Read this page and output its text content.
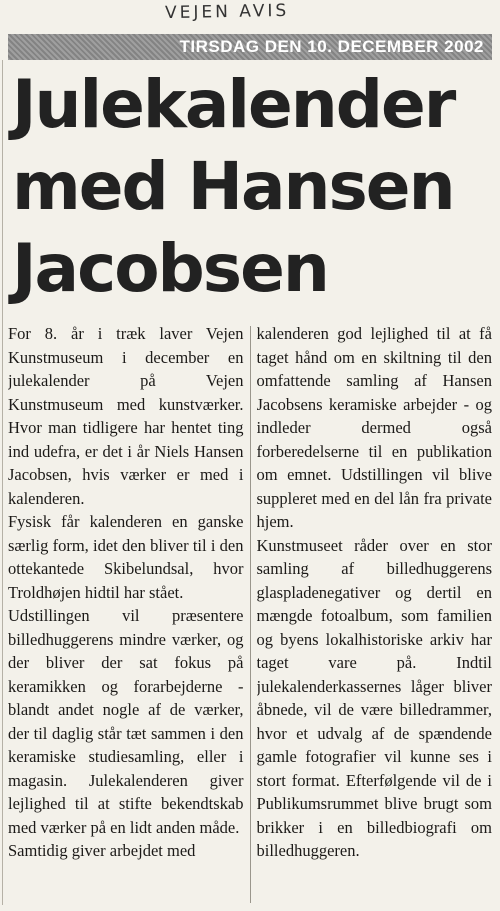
VEJEN AVIS
TIRSDAG DEN 10. DECEMBER 2002
Julekalender med Hansen Jacobsen

For 8. år i træk laver Vejen Kunstmuseum i december en julekalender på Vejen Kunstmuseum med kunstværker. Hvor man tidligere har hentet ting ind udefra, er det i år Niels Hansen Jacobsen, hvis værker er med i kalenderen.

Fysisk får kalenderen en ganske særlig form, idet den bliver til i den ottekantede Skibelundsal, hvor Troldhøjen hidtil har stået.

Udstillingen vil præsentere billedhuggerens mindre værker, og der bliver der sat fokus på keramikken og forarbejderne - blandt andet nogle af de værker, der til daglig står tæt sammen i den keramiske studiesamling, eller i magasin. Julekalenderen giver lejlighed til at stifte bekendtskab med værker på en lidt anden måde.

Samtidig giver arbejdet med

kalenderen god lejlighed til at få taget hånd om en skiltning til den omfattende samling af Hansen Jacobsens keramiske arbejder - og indleder dermed også forberedelserne til en publikation om emnet. Udstillingen vil blive suppleret med en del lån fra private hjem.

Kunstmuseet råder over en stor samling af billedhuggerens glaspladenegativer og dertil en mængde fotoalbum, som familien og byens lokalhistoriske arkiv har taget vare på. Indtil julekalenderkassernes låger bliver åbnede, vil de være billedrammer, hvor et udvalg af de spændende gamle fotografier vil kunne ses i stort format. Efterfølgende vil de i Publikumsrummet blive brugt som brikker i en billedbiografi om billedhuggeren.
